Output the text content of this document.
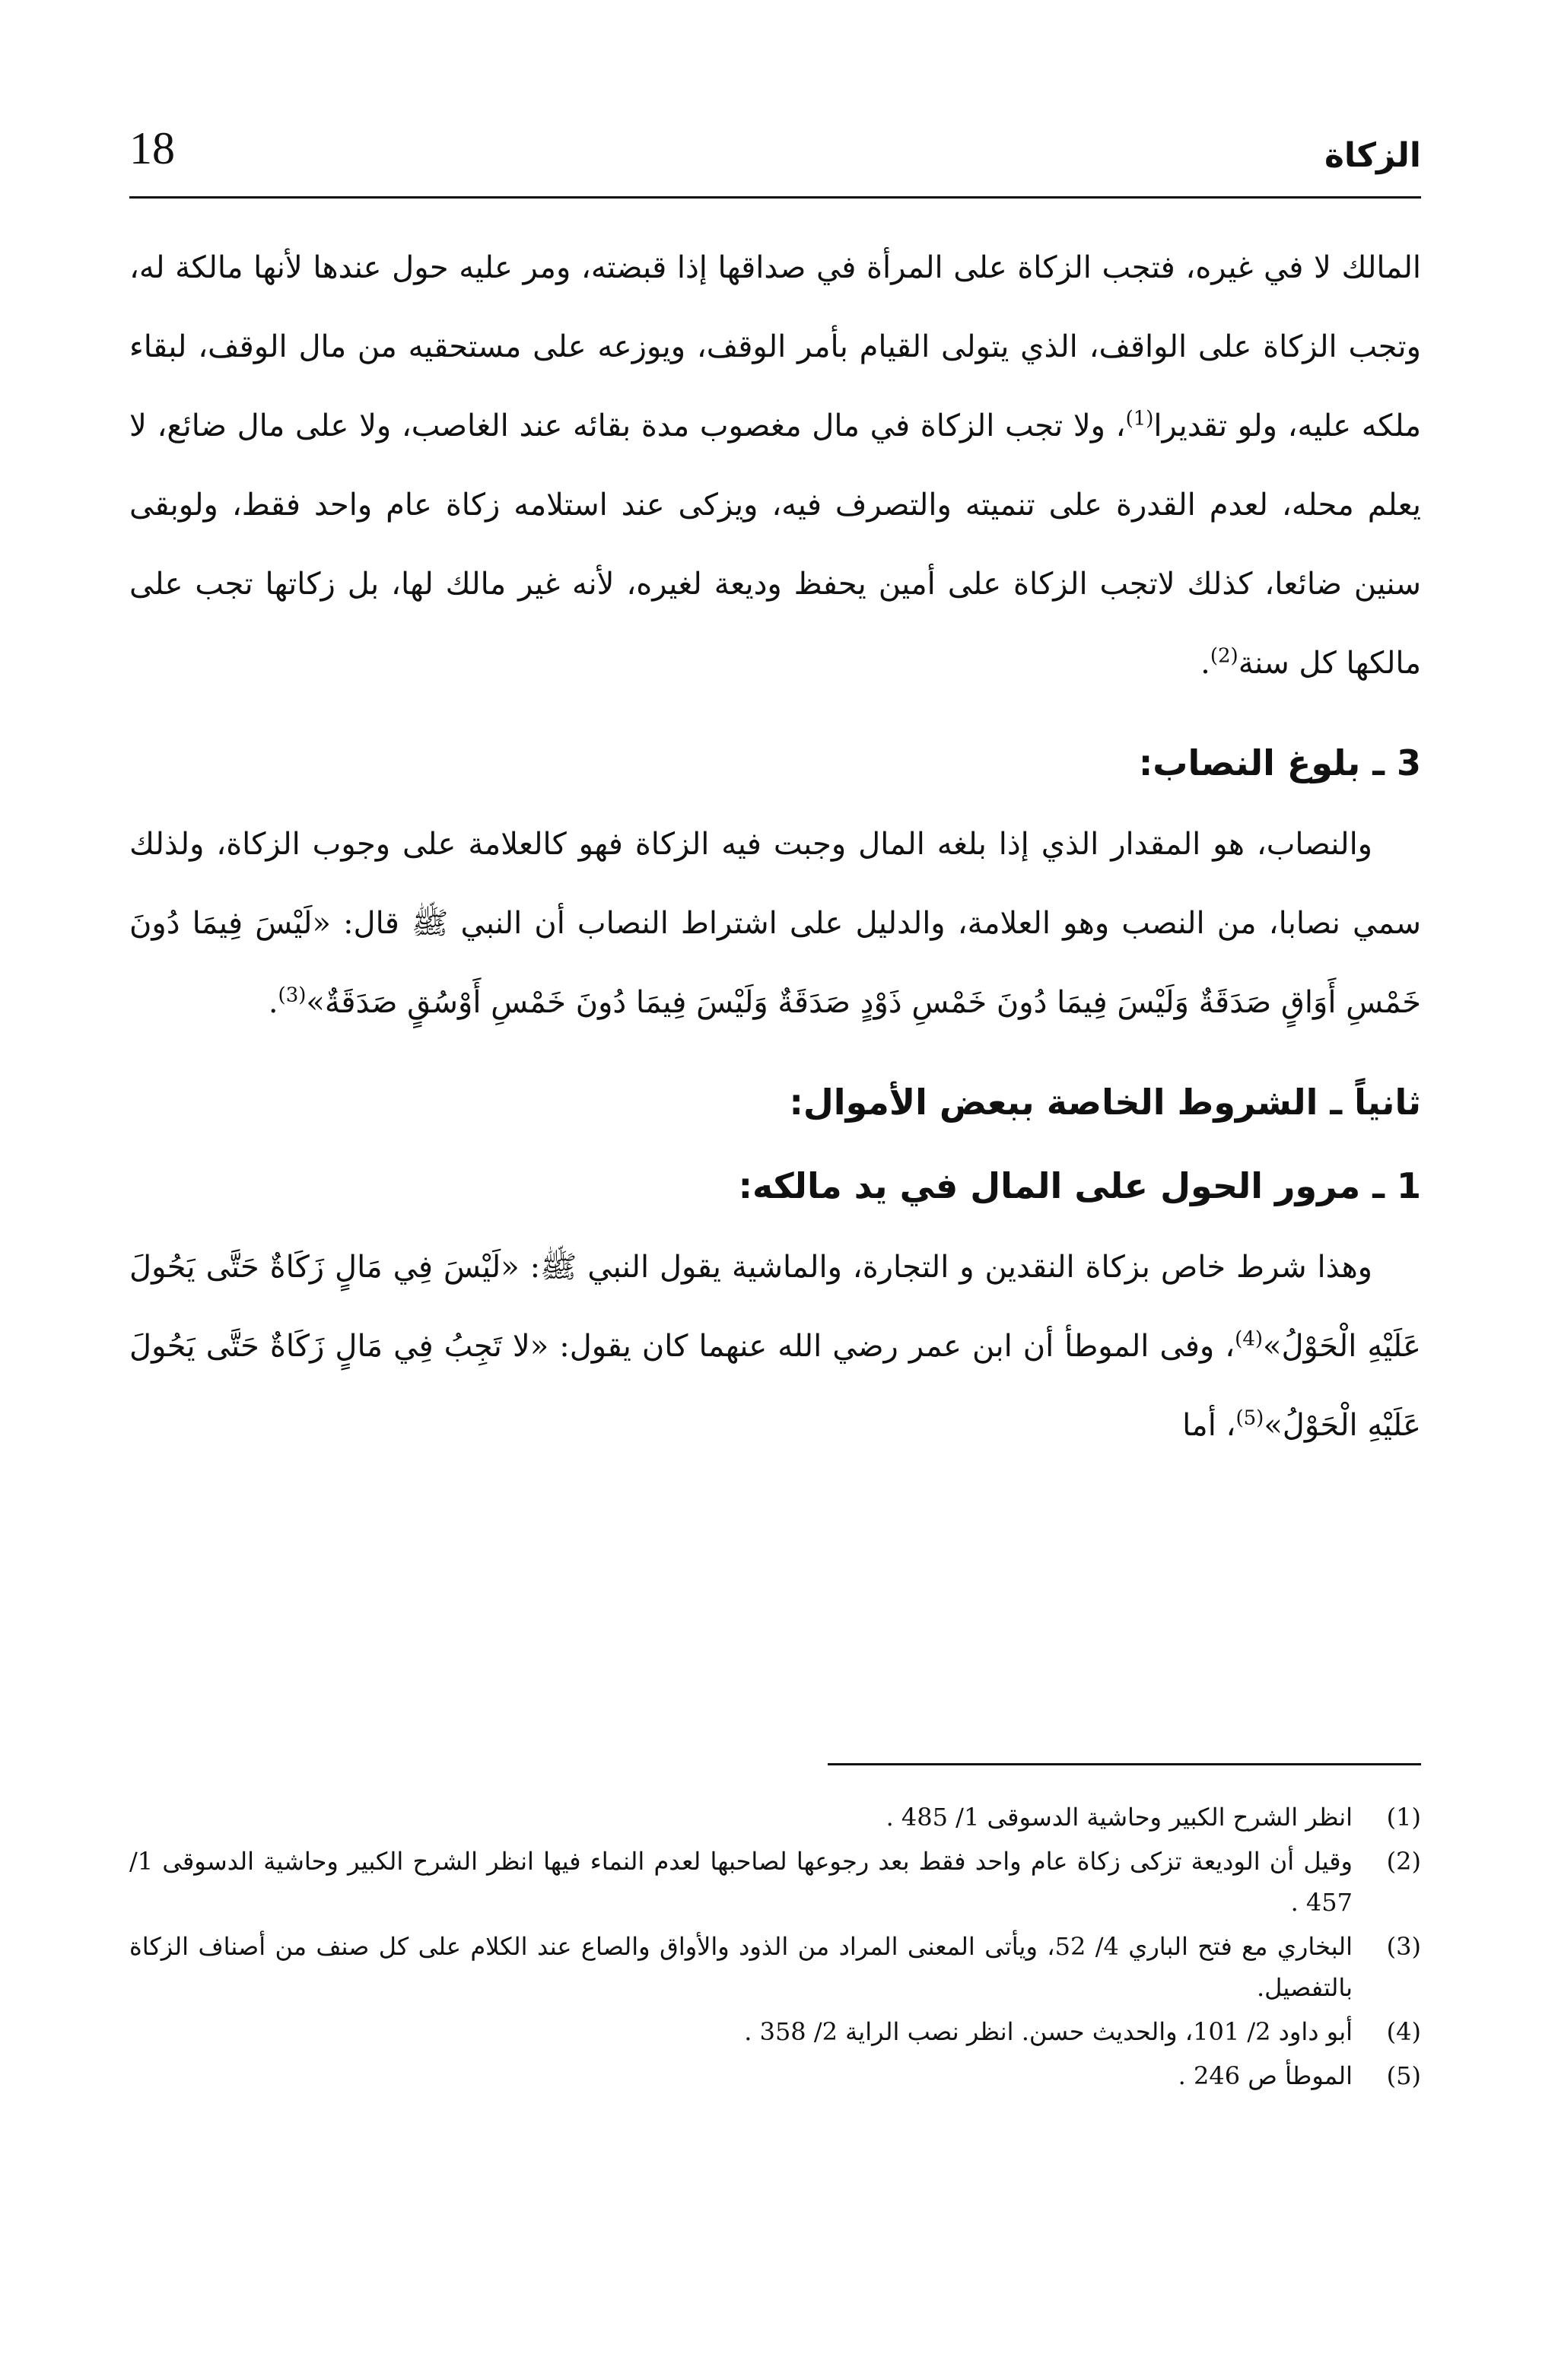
الزكاة
18

المالك لا في غيره، فتجب الزكاة على المرأة في صداقها إذا قبضته، ومر عليه حول عندها لأنها مالكة له، وتجب الزكاة على الواقف، الذي يتولى القيام بأمر الوقف، ويوزعه على مستحقيه من مال الوقف، لبقاء ملكه عليه، ولو تقديرا$^{(1)}$، ولا تجب الزكاة في مال مغصوب مدة بقائه عند الغاصب، ولا على مال ضائع، لا يعلم محله، لعدم القدرة على تنميته والتصرف فيه، ويزكى عند استلامه زكاة عام واحد فقط، ولوبقى سنين ضائعا، كذلك لاتجب الزكاة على أمين يحفظ وديعة لغيره، لأنه غير مالك لها، بل زكاتها تجب على مالكها كل سنة$^{(2)}$.

3 ـ بلوغ النصاب:

والنصاب، هو المقدار الذي إذا بلغه المال وجبت فيه الزكاة فهو كالعلامة على وجوب الزكاة، ولذلك سمي نصابا، من النصب وهو العلامة، والدليل على اشتراط النصاب أن النبي ﷺ قال: «لَيْسَ فِيمَا دُونَ خَمْسِ أَوَاقٍ صَدَقَةٌ وَلَيْسَ فِيمَا دُونَ خَمْسِ ذَوْدٍ صَدَقَةٌ وَلَيْسَ فِيمَا دُونَ خَمْسِ أَوْسُقٍ صَدَقَةٌ»$^{(3)}$.

ثانياً ـ الشروط الخاصة ببعض الأموال:
1 ـ مرور الحول على المال في يد مالكه:

وهذا شرط خاص بزكاة النقدين و التجارة، والماشية يقول النبي ﷺ: «لَيْسَ فِي مَالٍ زَكَاةٌ حَتَّى يَحُولَ عَلَيْهِ الْحَوْلُ»$^{(4)}$، وفى الموطأ أن ابن عمر رضي الله عنهما كان يقول: «لا تَجِبُ فِي مَالٍ زَكَاةٌ حَتَّى يَحُولَ عَلَيْهِ الْحَوْلُ»$^{(5)}$، أما

(1)
انظر الشرح الكبير وحاشية الدسوقى 1/ 485 .
(2)
وقيل أن الوديعة تزكى زكاة عام واحد فقط بعد رجوعها لصاحبها لعدم النماء فيها انظر الشرح الكبير وحاشية الدسوقى 1/ 457 .
(3)
البخاري مع فتح الباري 4/ 52، ويأتى المعنى المراد من الذود والأواق والصاع عند الكلام على كل صنف من أصناف الزكاة بالتفصيل.
(4)
أبو داود 2/ 101، والحديث حسن. انظر نصب الراية 2/ 358 .
(5)
الموطأ ص 246 .
